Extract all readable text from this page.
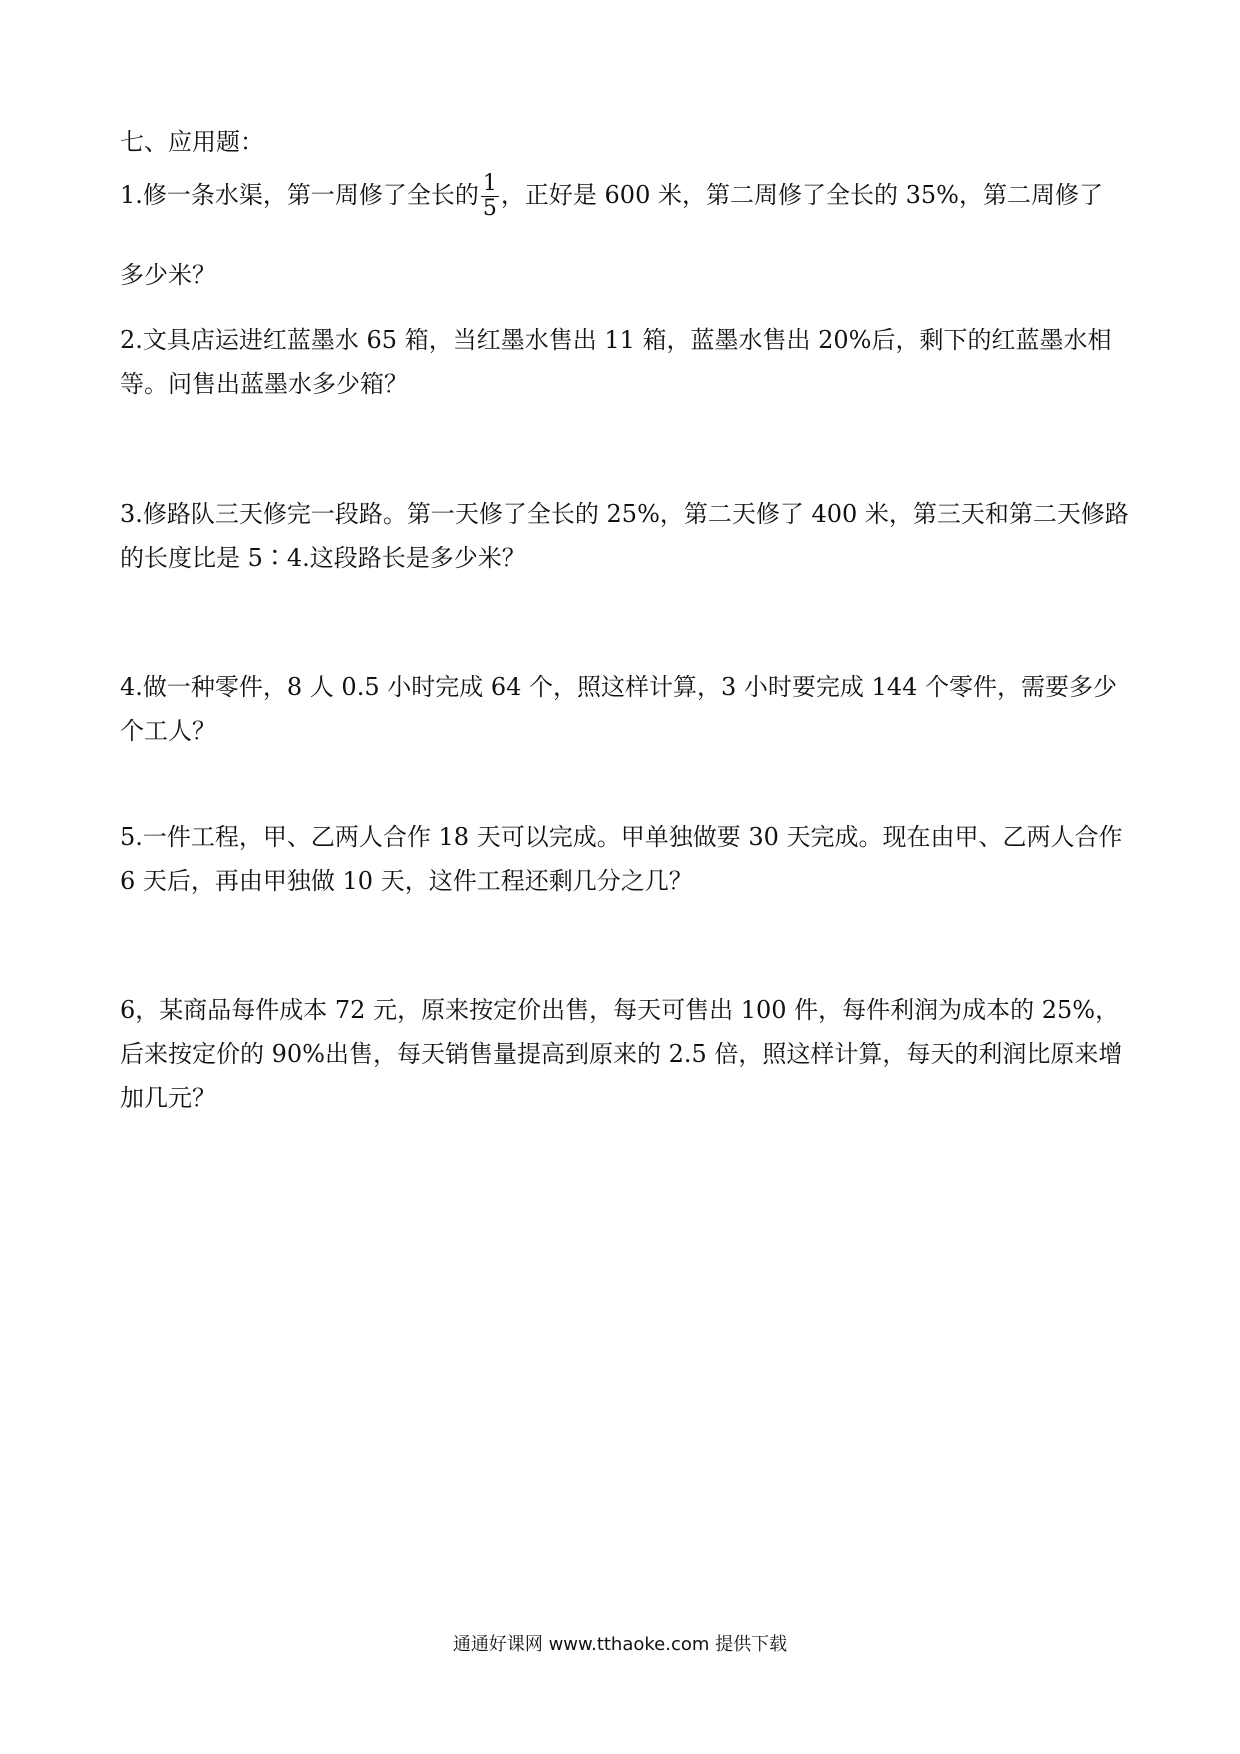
七、应用题：
1.修一条水渠，第一周修了全长的 $\frac{1}{5}$ ，正好是 600 米，第二周修了全长的 35%，第二周修了
多少米？
2.文具店运进红蓝墨水 65 箱，当红墨水售出 11 箱，蓝墨水售出 20%后，剩下的红蓝墨水相等。问售出蓝墨水多少箱？
3.修路队三天修完一段路。第一天修了全长的 25%，第二天修了 400 米，第三天和第二天修路的长度比是 5∶4.这段路长是多少米？
4.做一种零件，8 人 0.5 小时完成 64 个，照这样计算，3 小时要完成 144 个零件，需要多少个工人？
5.一件工程，甲、乙两人合作 18 天可以完成。甲单独做要 30 天完成。现在由甲、乙两人合作 6 天后，再由甲独做 10 天，这件工程还剩几分之几？
6，某商品每件成本 72 元，原来按定价出售，每天可售出 100 件，每件利润为成本的 25%，后来按定价的 90%出售，每天销售量提高到原来的 2.5 倍，照这样计算，每天的利润比原来增加几元？
通通好课网 www.tthaoke.com 提供下载
